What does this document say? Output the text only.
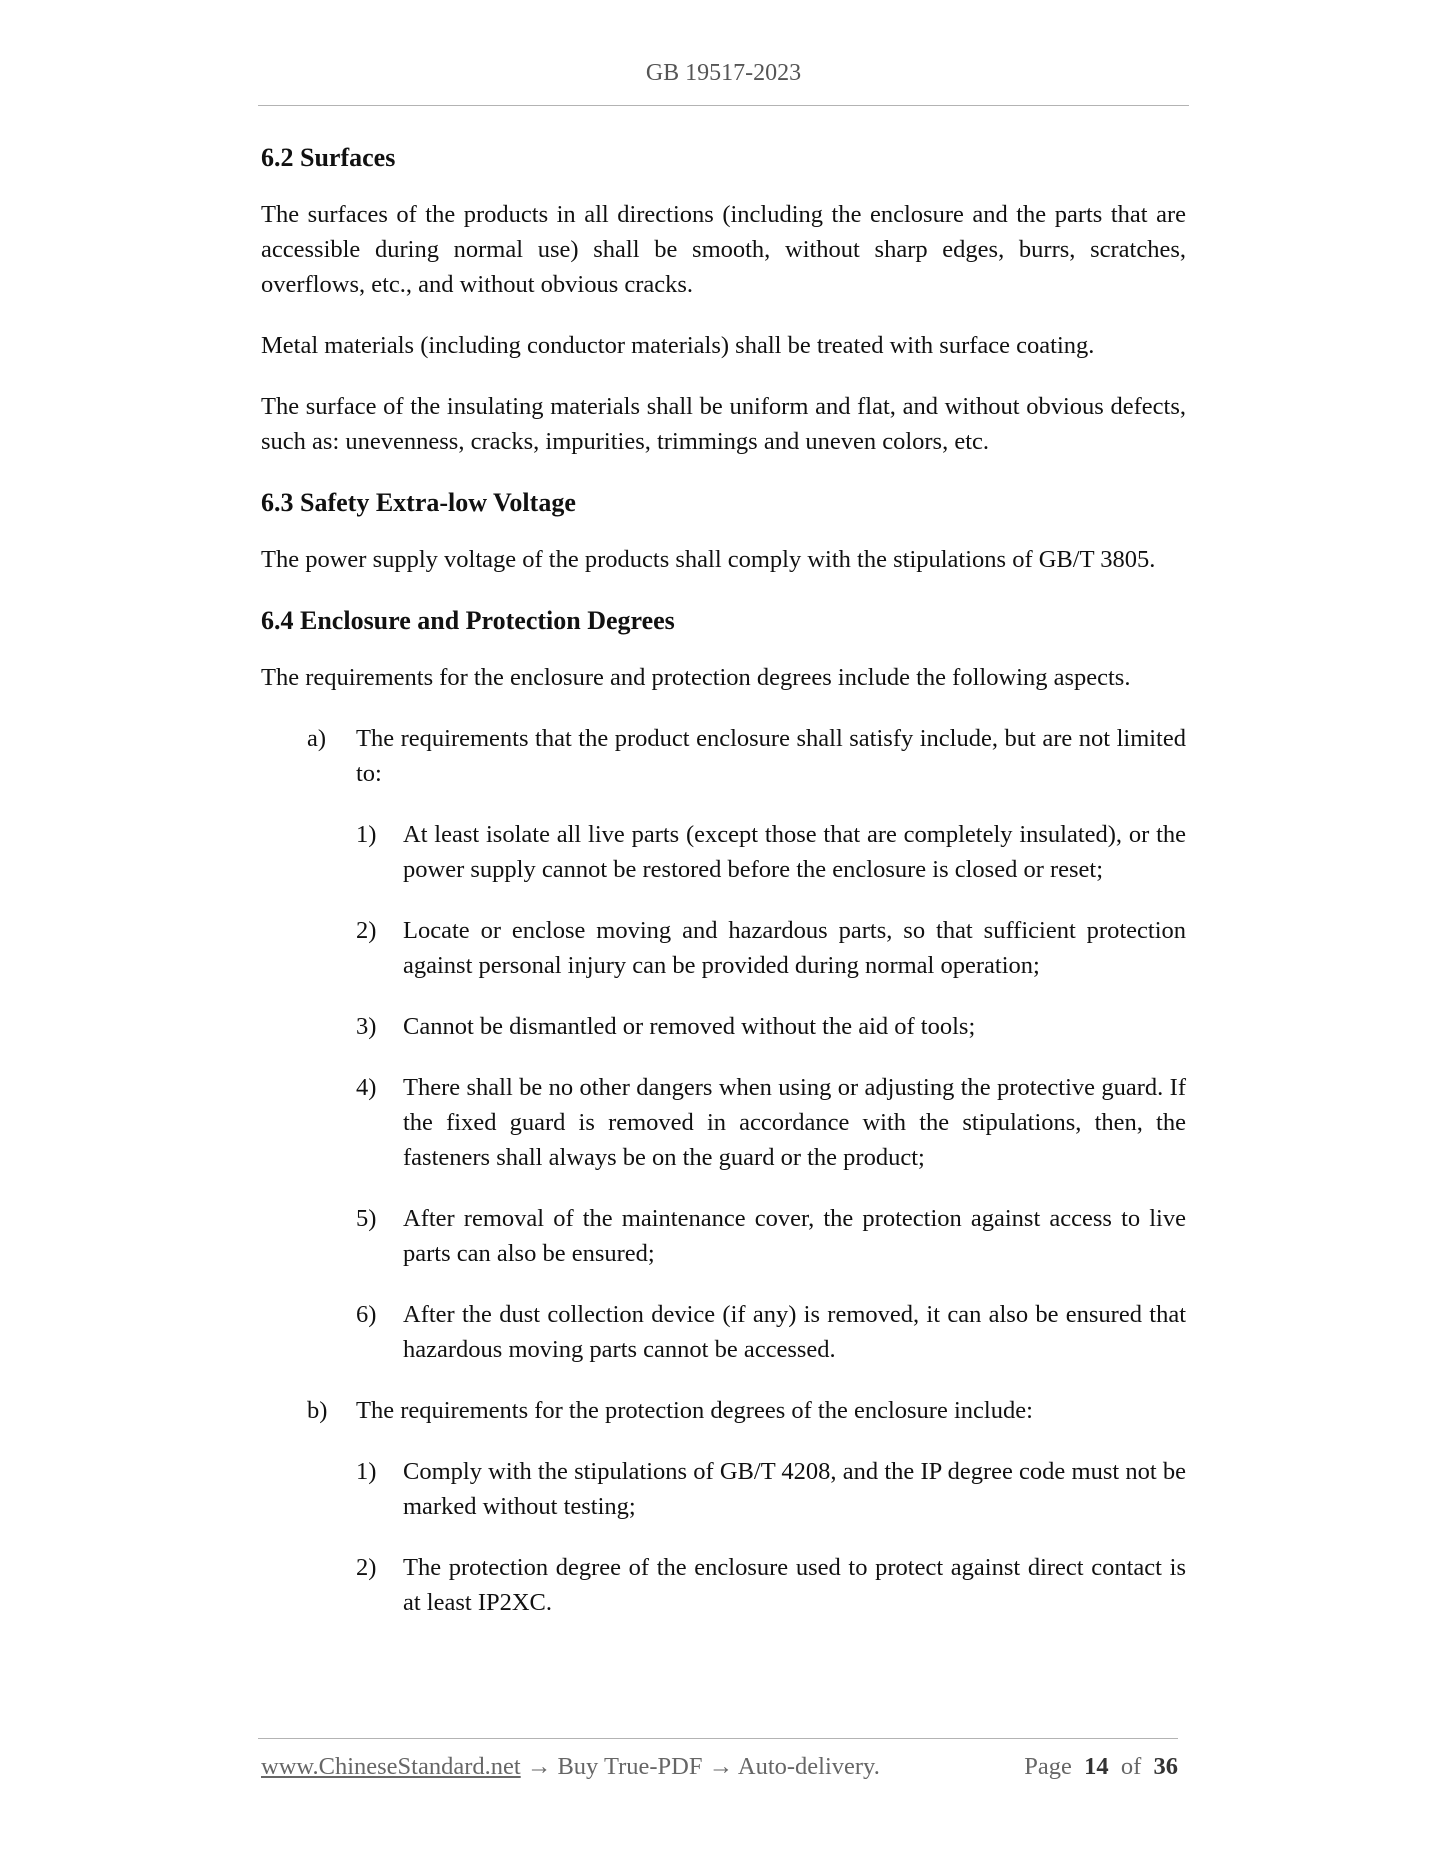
GB 19517-2023
6.2 Surfaces

The surfaces of the products in all directions (including the enclosure and the parts that are accessible during normal use) shall be smooth, without sharp edges, burrs, scratches, overflows, etc., and without obvious cracks.

Metal materials (including conductor materials) shall be treated with surface coating.

The surface of the insulating materials shall be uniform and flat, and without obvious defects, such as: unevenness, cracks, impurities, trimmings and uneven colors, etc.

6.3 Safety Extra-low Voltage

The power supply voltage of the products shall comply with the stipulations of GB/T 3805.

6.4 Enclosure and Protection Degrees

The requirements for the enclosure and protection degrees include the following aspects.

a) The requirements that the product enclosure shall satisfy include, but are not limited to:
1) At least isolate all live parts (except those that are completely insulated), or the power supply cannot be restored before the enclosure is closed or reset;
2) Locate or enclose moving and hazardous parts, so that sufficient protection against personal injury can be provided during normal operation;
3) Cannot be dismantled or removed without the aid of tools;
4) There shall be no other dangers when using or adjusting the protective guard. If the fixed guard is removed in accordance with the stipulations, then, the fasteners shall always be on the guard or the product;
5) After removal of the maintenance cover, the protection against access to live parts can also be ensured;
6) After the dust collection device (if any) is removed, it can also be ensured that hazardous moving parts cannot be accessed.
b) The requirements for the protection degrees of the enclosure include:
1) Comply with the stipulations of GB/T 4208, and the IP degree code must not be marked without testing;
2) The protection degree of the enclosure used to protect against direct contact is at least IP2XC.
www.ChineseStandard.net → Buy True-PDF → Auto-delivery.	Page 14 of 36
